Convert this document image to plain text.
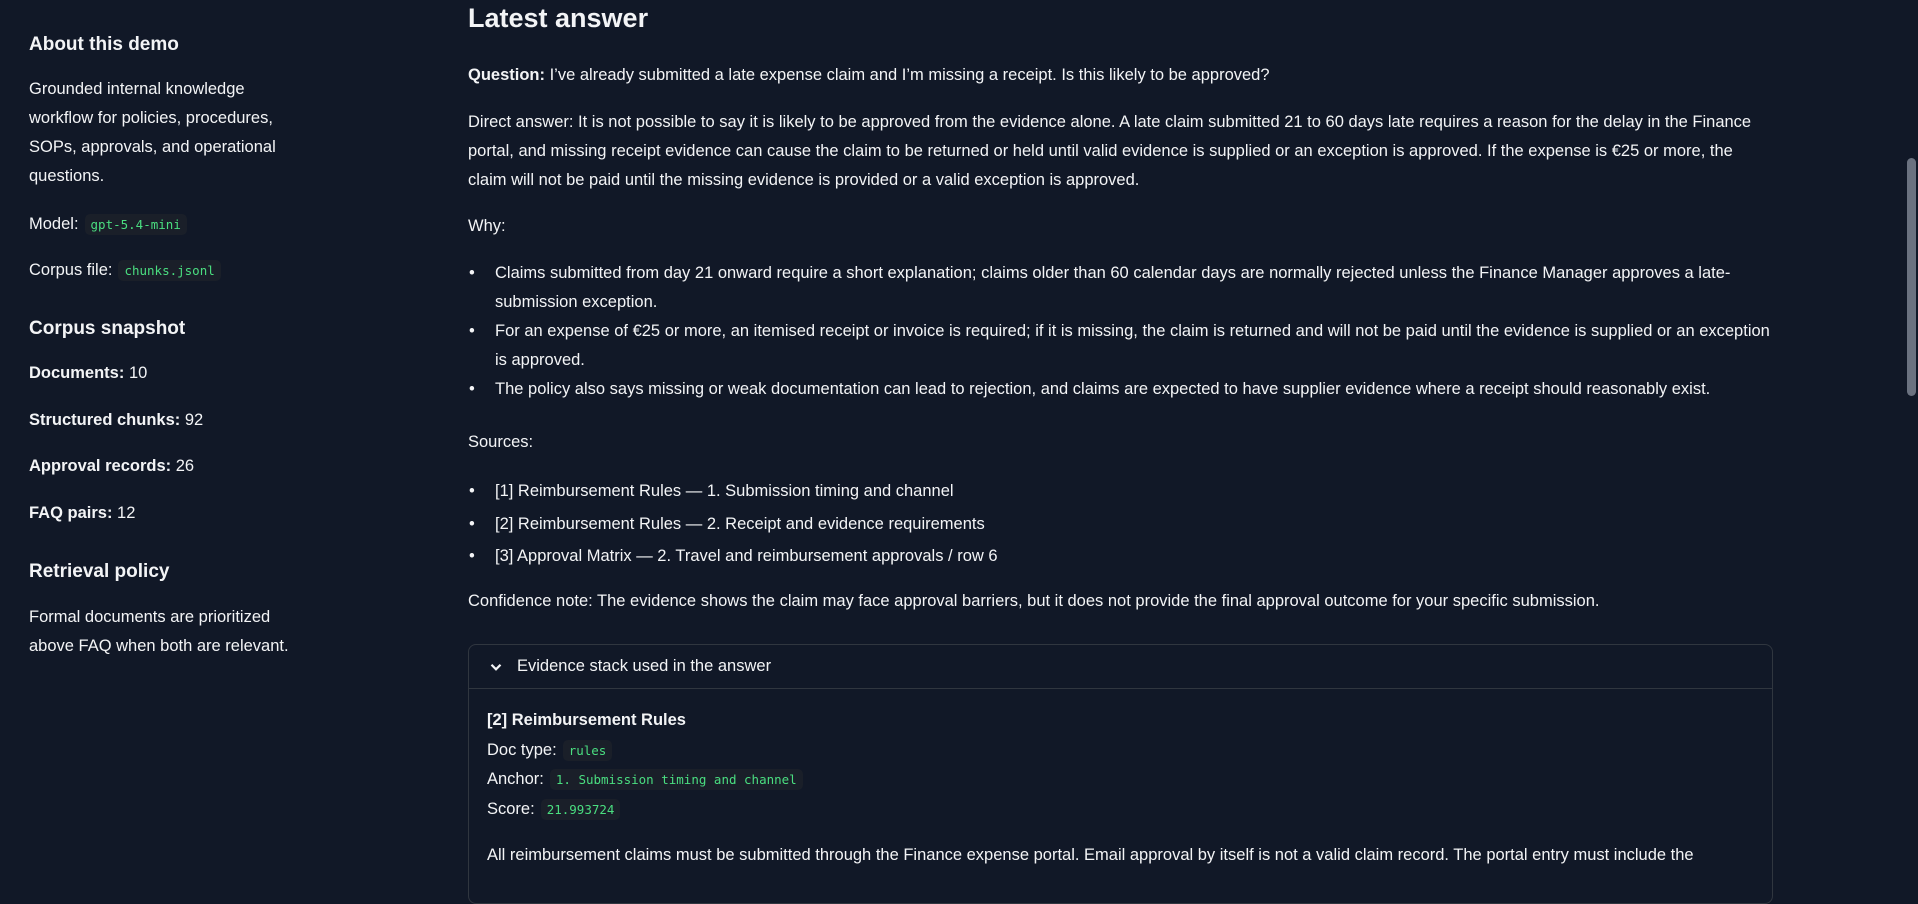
About this demo
Grounded internal knowledge workflow for policies, procedures, SOPs, approvals, and operational questions.
Model: gpt-5.4-mini
Corpus file: chunks.jsonl
Corpus snapshot
Documents: 10
Structured chunks: 92
Approval records: 26
FAQ pairs: 12
Retrieval policy
Formal documents are prioritized above FAQ when both are relevant.
Latest answer
Question: I’ve already submitted a late expense claim and I’m missing a receipt. Is this likely to be approved?
Direct answer: It is not possible to say it is likely to be approved from the evidence alone. A late claim submitted 21 to 60 days late requires a reason for the delay in the Finance portal, and missing receipt evidence can cause the claim to be returned or held until valid evidence is supplied or an exception is approved. If the expense is €25 or more, the claim will not be paid until the missing evidence is provided or a valid exception is approved.
Why:
• Claims submitted from day 21 onward require a short explanation; claims older than 60 calendar days are normally rejected unless the Finance Manager approves a late-submission exception.
• For an expense of €25 or more, an itemised receipt or invoice is required; if it is missing, the claim is returned and will not be paid until the evidence is supplied or an exception is approved.
• The policy also says missing or weak documentation can lead to rejection, and claims are expected to have supplier evidence where a receipt should reasonably exist.
Sources:
• [1] Reimbursement Rules — 1. Submission timing and channel
• [2] Reimbursement Rules — 2. Receipt and evidence requirements
• [3] Approval Matrix — 2. Travel and reimbursement approvals / row 6
Confidence note: The evidence shows the claim may face approval barriers, but it does not provide the final approval outcome for your specific submission.
Evidence stack used in the answer
[2] Reimbursement Rules
Doc type: rules
Anchor: 1. Submission timing and channel
Score: 21.993724
All reimbursement claims must be submitted through the Finance expense portal. Email approval by itself is not a valid claim record. The portal entry must include the
